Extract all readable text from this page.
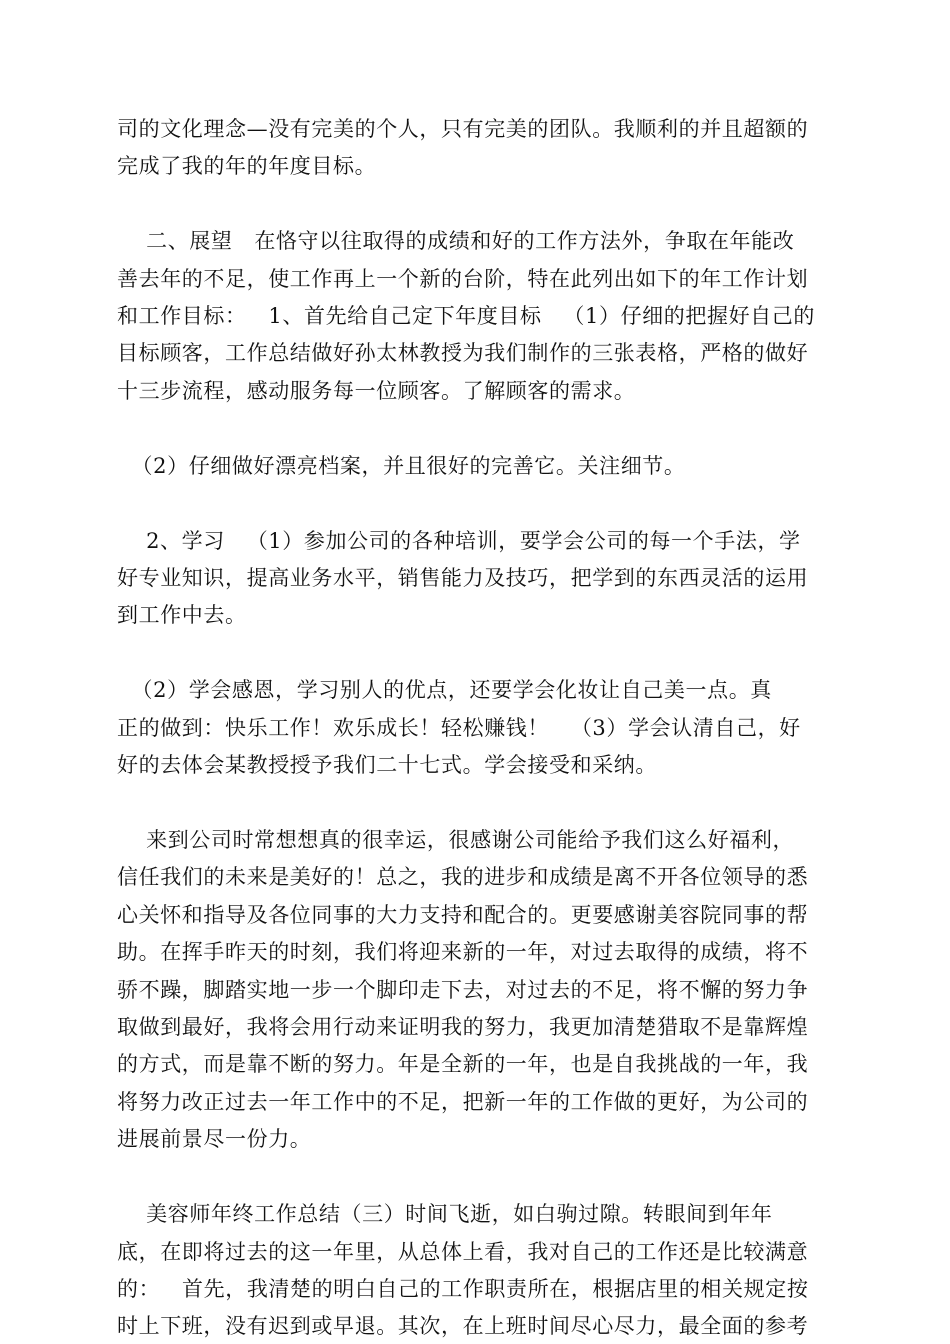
司的文化理念—没有完美的个人，只有完美的团队。我顺利的并且超额的
完成了我的年的年度目标。
二、展望   在恪守以往取得的成绩和好的工作方法外，争取在年能改
善去年的不足，使工作再上一个新的台阶，特在此列出如下的年工作计划
和工作目标：   1、首先给自己定下年度目标   （1）仔细的把握好自己的
目标顾客，工作总结做好孙太林教授为我们制作的三张表格，严格的做好
十三步流程，感动服务每一位顾客。了解顾客的需求。
（2）仔细做好漂亮档案，并且很好的完善它。关注细节。
2、学习   （1）参加公司的各种培训，要学会公司的每一个手法，学
好专业知识，提高业务水平，销售能力及技巧，把学到的东西灵活的运用
到工作中去。
（2）学会感恩，学习别人的优点，还要学会化妆让自己美一点。真
正的做到：快乐工作！欢乐成长！轻松赚钱！   （3）学会认清自己，好
好的去体会某教授授予我们二十七式。学会接受和采纳。
来到公司时常想想真的很幸运，很感谢公司能给予我们这么好福利，
信任我们的未来是美好的！总之，我的进步和成绩是离不开各位领导的悉
心关怀和指导及各位同事的大力支持和配合的。更要感谢美容院同事的帮
助。在挥手昨天的时刻，我们将迎来新的一年，对过去取得的成绩，将不
骄不躁，脚踏实地一步一个脚印走下去，对过去的不足，将不懈的努力争
取做到最好，我将会用行动来证明我的努力，我更加清楚猎取不是靠辉煌
的方式，而是靠不断的努力。年是全新的一年，也是自我挑战的一年，我
将努力改正过去一年工作中的不足，把新一年的工作做的更好，为公司的
进展前景尽一份力。
美容师年终工作总结（三）时间飞逝，如白驹过隙。转眼间到年年
底，在即将过去的这一年里，从总体上看，我对自己的工作还是比较满意
的：   首先，我清楚的明白自己的工作职责所在，根据店里的相关规定按
时上下班，没有迟到或早退。其次，在上班时间尽心尽力，最全面的参考
